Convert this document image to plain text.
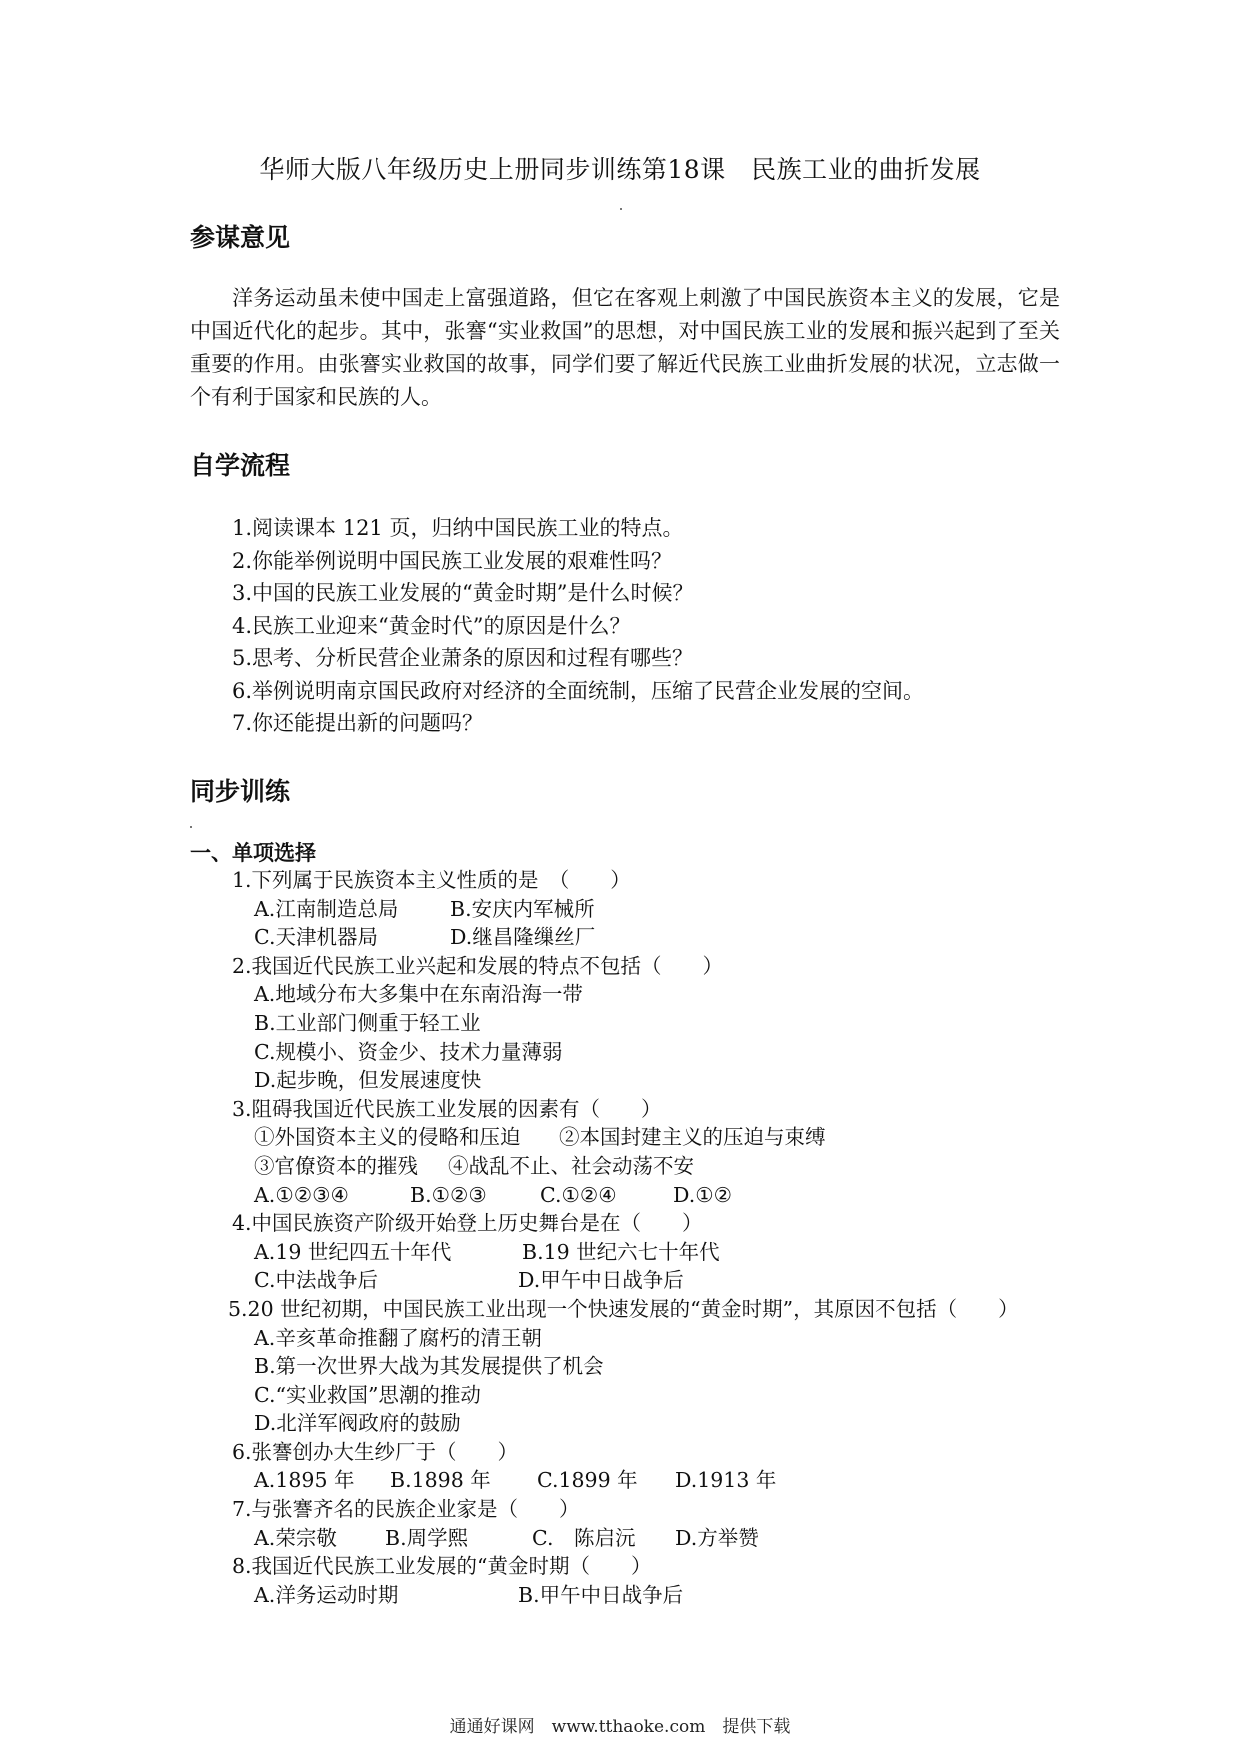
华师大版八年级历史上册同步训练第18课　民族工业的曲折发展
参谋意见
洋务运动虽未使中国走上富强道路，但它在客观上刺激了中国民族资本主义的发展，它是中国近代化的起步。其中，张謇“实业救国”的思想，对中国民族工业的发展和振兴起到了至关重要的作用。由张謇实业救国的故事，同学们要了解近代民族工业曲折发展的状况，立志做一个有利于国家和民族的人。
自学流程
1.阅读课本 121 页，归纳中国民族工业的特点。
2.你能举例说明中国民族工业发展的艰难性吗？
3.中国的民族工业发展的“黄金时期”是什么时候？
4.民族工业迎来“黄金时代”的原因是什么？
5.思考、分析民营企业萧条的原因和过程有哪些？
6.举例说明南京国民政府对经济的全面统制，压缩了民营企业发展的空间。
7.你还能提出新的问题吗？
同步训练
一、单项选择
1.下列属于民族资本主义性质的是　（　　）
A.江南制造总局	B.安庆内军械所
C.天津机器局	D.继昌隆缫丝厂
2.我国近代民族工业兴起和发展的特点不包括（　　）
A.地域分布大多集中在东南沿海一带
B.工业部门侧重于轻工业
C.规模小、资金少、技术力量薄弱
D.起步晚，但发展速度快
3.阻碍我国近代民族工业发展的因素有（　　）
①外国资本主义的侵略和压迫 ②本国封建主义的压迫与束缚
③官僚资本的摧残 ④战乱不止、社会动荡不安
A.①②③④	B.①②③	C.①②④	D.①②
4.中国民族资产阶级开始登上历史舞台是在（　　）
A.19 世纪四五十年代	B.19 世纪六七十年代
C.中法战争后	D.甲午中日战争后
5.20 世纪初期，中国民族工业出现一个快速发展的“黄金时期”，其原因不包括（　　）
A.辛亥革命推翻了腐朽的清王朝
B.第一次世界大战为其发展提供了机会
C.“实业救国”思潮的推动
D.北洋军阀政府的鼓励
6.张謇创办大生纱厂于（　　）
A.1895 年 B.1898 年 C.1899 年 D.1913 年
7.与张謇齐名的民族企业家是（　　）
A.荣宗敬 B.周学熙	C.　陈启沅 D.方举赞
8.我国近代民族工业发展的“黄金时期（　　）
A.洋务运动时期	B.甲午中日战争后
通通好课网　www.tthaoke.com　提供下载
